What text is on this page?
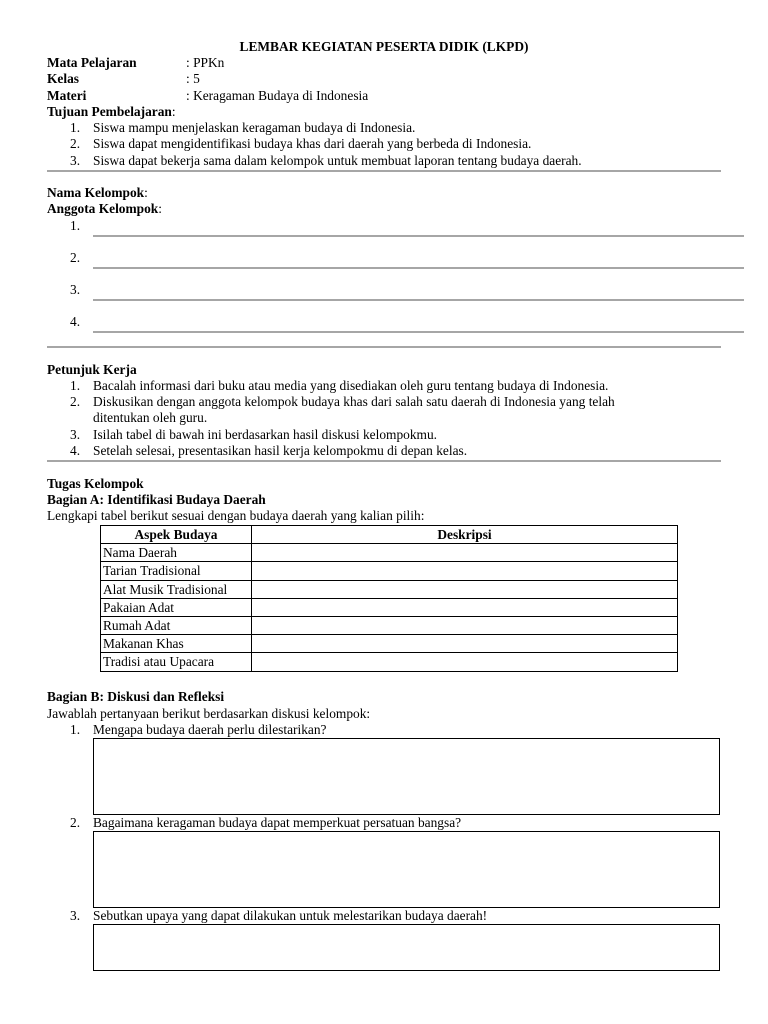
LEMBAR KEGIATAN PESERTA DIDIK (LKPD)
Mata Pelajaran	: PPKn
Kelas	: 5
Materi	: Keragaman Budaya di Indonesia
Tujuan Pembelajaran:
1. Siswa mampu menjelaskan keragaman budaya di Indonesia.
2. Siswa dapat mengidentifikasi budaya khas dari daerah yang berbeda di Indonesia.
3. Siswa dapat bekerja sama dalam kelompok untuk membuat laporan tentang budaya daerah.
Nama Kelompok:
Anggota Kelompok:
1.
2.
3.
4.
Petunjuk Kerja
1. Bacalah informasi dari buku atau media yang disediakan oleh guru tentang budaya di Indonesia.
2. Diskusikan dengan anggota kelompok budaya khas dari salah satu daerah di Indonesia yang telah
ditentukan oleh guru.
3. Isilah tabel di bawah ini berdasarkan hasil diskusi kelompokmu.
4. Setelah selesai, presentasikan hasil kerja kelompokmu di depan kelas.
Tugas Kelompok
Bagian A: Identifikasi Budaya Daerah
Lengkapi tabel berikut sesuai dengan budaya daerah yang kalian pilih:
Aspek Budaya	Deskripsi
Nama Daerah	
Tarian Tradisional	
Alat Musik Tradisional	
Pakaian Adat	
Rumah Adat	
Makanan Khas	
Tradisi atau Upacara	
Bagian B: Diskusi dan Refleksi
Jawablah pertanyaan berikut berdasarkan diskusi kelompok:
1. Mengapa budaya daerah perlu dilestarikan?
2. Bagaimana keragaman budaya dapat memperkuat persatuan bangsa?
3. Sebutkan upaya yang dapat dilakukan untuk melestarikan budaya daerah!
